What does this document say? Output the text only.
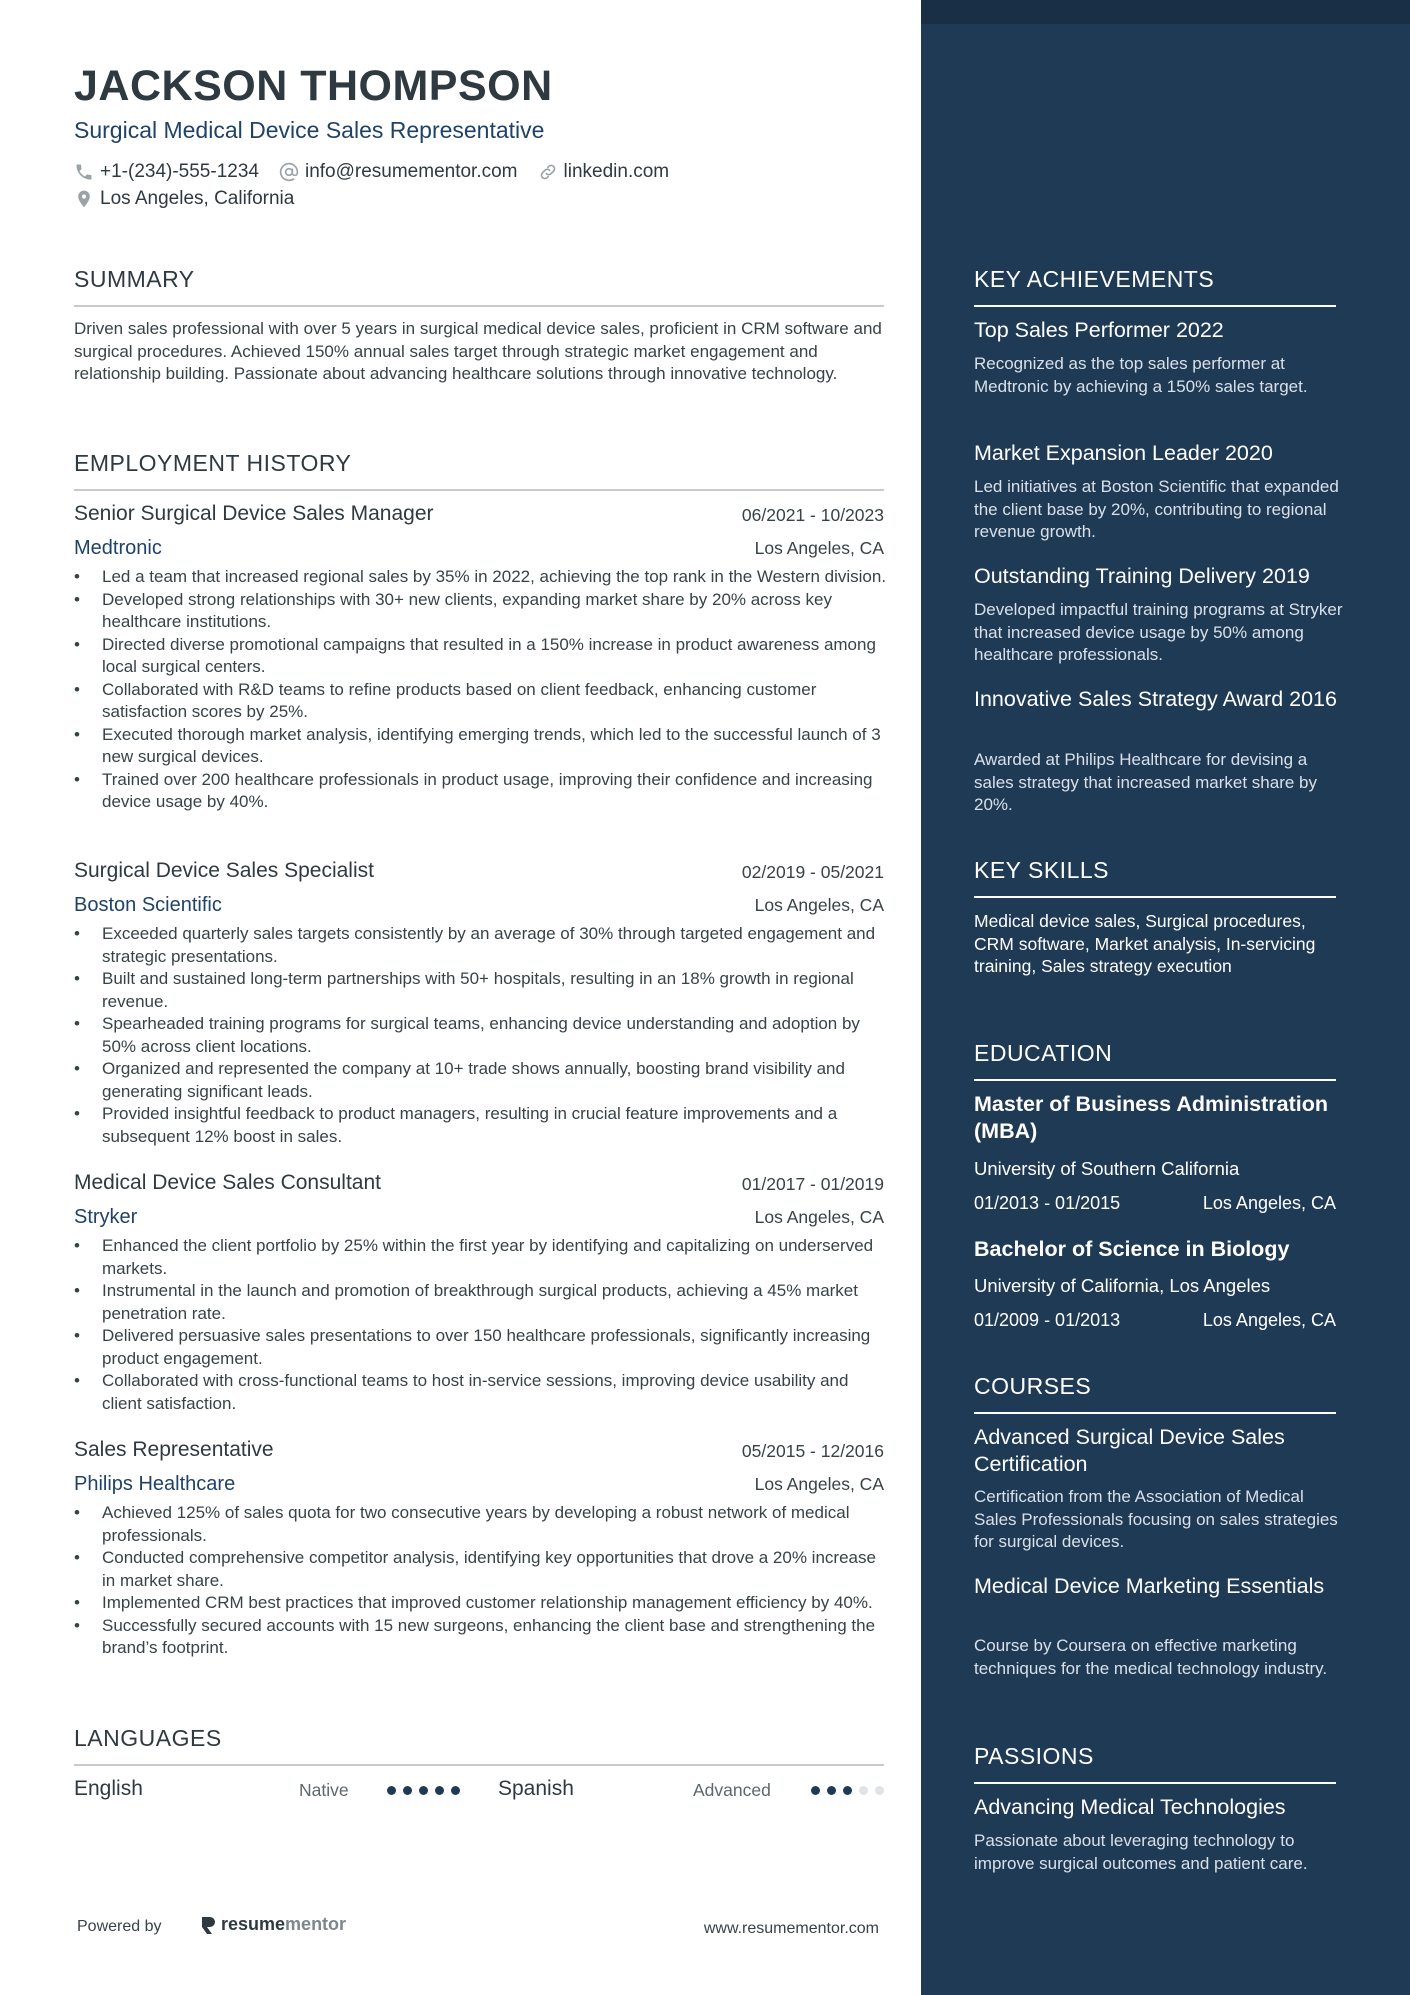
JACKSON THOMPSON
Surgical Medical Device Sales Representative
+1-(234)-555-1234 info@resumementor.com linkedin.com
Los Angeles, California
SUMMARY
Driven sales professional with over 5 years in surgical medical device sales, proficient in CRM software and surgical procedures. Achieved 150% annual sales target through strategic market engagement and relationship building. Passionate about advancing healthcare solutions through innovative technology.
EMPLOYMENT HISTORY
Senior Surgical Device Sales Manager	06/2021 - 10/2023
Medtronic	Los Angeles, CA
• Led a team that increased regional sales by 35% in 2022, achieving the top rank in the Western division.
• Developed strong relationships with 30+ new clients, expanding market share by 20% across key healthcare institutions.
• Directed diverse promotional campaigns that resulted in a 150% increase in product awareness among local surgical centers.
• Collaborated with R&D teams to refine products based on client feedback, enhancing customer satisfaction scores by 25%.
• Executed thorough market analysis, identifying emerging trends, which led to the successful launch of 3 new surgical devices.
• Trained over 200 healthcare professionals in product usage, improving their confidence and increasing device usage by 40%.
Surgical Device Sales Specialist	02/2019 - 05/2021
Boston Scientific	Los Angeles, CA
• Exceeded quarterly sales targets consistently by an average of 30% through targeted engagement and strategic presentations.
• Built and sustained long-term partnerships with 50+ hospitals, resulting in an 18% growth in regional revenue.
• Spearheaded training programs for surgical teams, enhancing device understanding and adoption by 50% across client locations.
• Organized and represented the company at 10+ trade shows annually, boosting brand visibility and generating significant leads.
• Provided insightful feedback to product managers, resulting in crucial feature improvements and a subsequent 12% boost in sales.
Medical Device Sales Consultant	01/2017 - 01/2019
Stryker	Los Angeles, CA
• Enhanced the client portfolio by 25% within the first year by identifying and capitalizing on underserved markets.
• Instrumental in the launch and promotion of breakthrough surgical products, achieving a 45% market penetration rate.
• Delivered persuasive sales presentations to over 150 healthcare professionals, significantly increasing product engagement.
• Collaborated with cross-functional teams to host in-service sessions, improving device usability and client satisfaction.
Sales Representative	05/2015 - 12/2016
Philips Healthcare	Los Angeles, CA
• Achieved 125% of sales quota for two consecutive years by developing a robust network of medical professionals.
• Conducted comprehensive competitor analysis, identifying key opportunities that drove a 20% increase in market share.
• Implemented CRM best practices that improved customer relationship management efficiency by 40%.
• Successfully secured accounts with 15 new surgeons, enhancing the client base and strengthening the brand’s footprint.
LANGUAGES
English	Native	Spanish	Advanced
Powered by	resume mentor	www.resumementor.com
KEY ACHIEVEMENTS
Top Sales Performer 2022
Recognized as the top sales performer at Medtronic by achieving a 150% sales target.
Market Expansion Leader 2020
Led initiatives at Boston Scientific that expanded the client base by 20%, contributing to regional revenue growth.
Outstanding Training Delivery 2019
Developed impactful training programs at Stryker that increased device usage by 50% among healthcare professionals.
Innovative Sales Strategy Award 2016
Awarded at Philips Healthcare for devising a sales strategy that increased market share by 20%.
KEY SKILLS
Medical device sales, Surgical procedures, CRM software, Market analysis, In-servicing training, Sales strategy execution
EDUCATION
Master of Business Administration (MBA)
University of Southern California
01/2013 - 01/2015	Los Angeles, CA
Bachelor of Science in Biology
University of California, Los Angeles
01/2009 - 01/2013	Los Angeles, CA
COURSES
Advanced Surgical Device Sales Certification
Certification from the Association of Medical Sales Professionals focusing on sales strategies for surgical devices.
Medical Device Marketing Essentials
Course by Coursera on effective marketing techniques for the medical technology industry.
PASSIONS
Advancing Medical Technologies
Passionate about leveraging technology to improve surgical outcomes and patient care.
